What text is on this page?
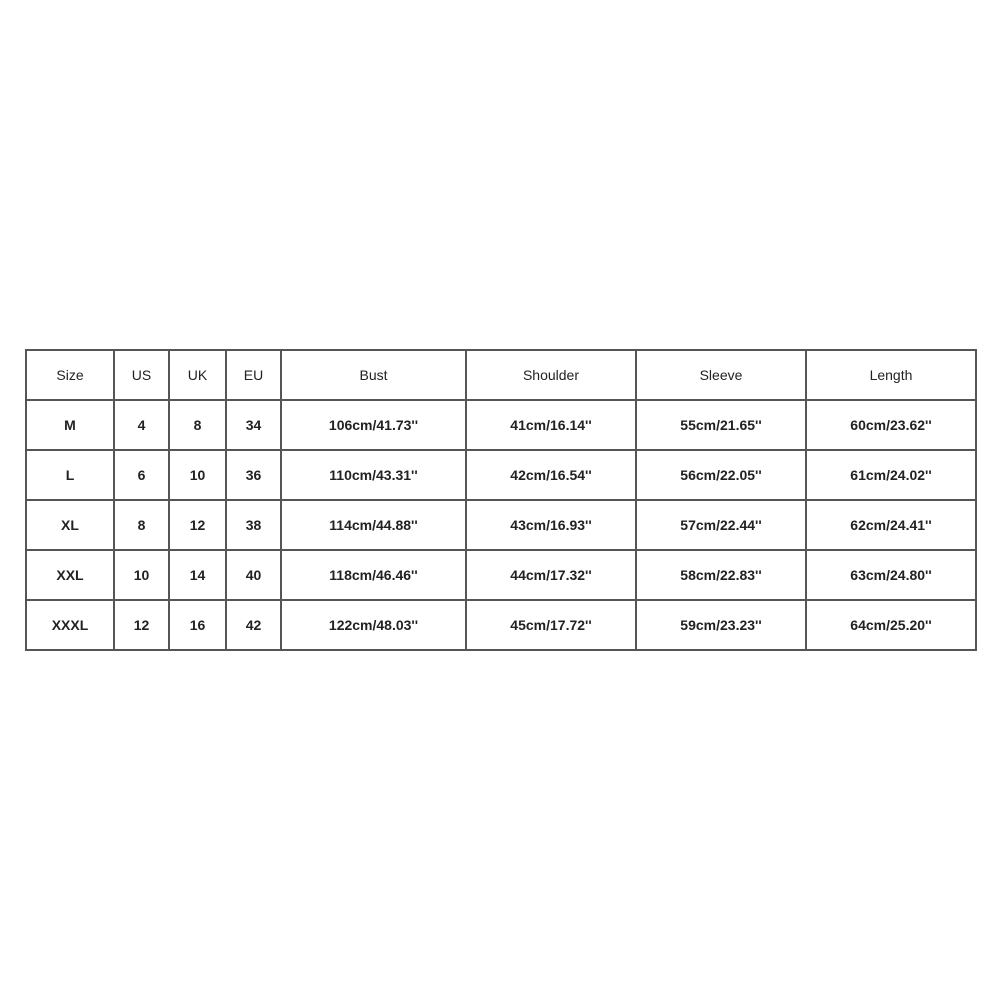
Size	US	UK	EU	Bust	Shoulder	Sleeve	Length
M	4	8	34	106cm/41.73''	41cm/16.14''	55cm/21.65''	60cm/23.62''
L	6	10	36	110cm/43.31''	42cm/16.54''	56cm/22.05''	61cm/24.02''
XL	8	12	38	114cm/44.88''	43cm/16.93''	57cm/22.44''	62cm/24.41''
XXL	10	14	40	118cm/46.46''	44cm/17.32''	58cm/22.83''	63cm/24.80''
XXXL	12	16	42	122cm/48.03''	45cm/17.72''	59cm/23.23''	64cm/25.20''
